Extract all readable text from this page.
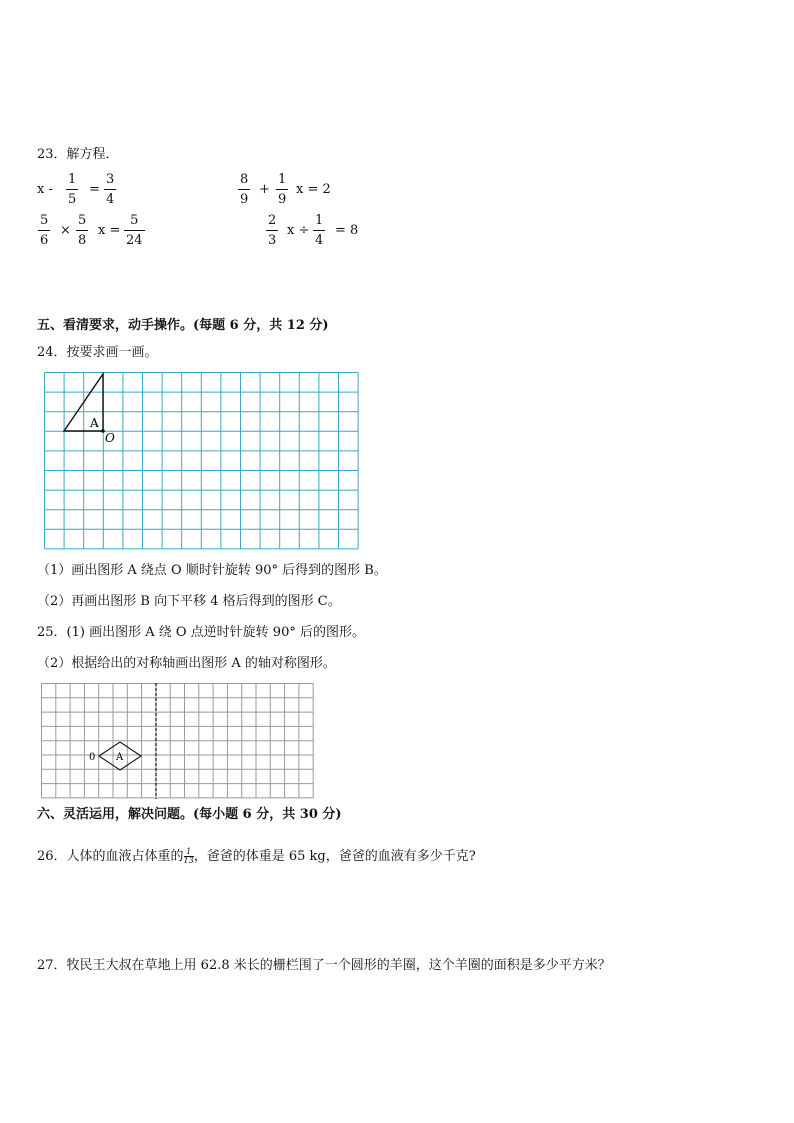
23．解方程．
x -
1
5
=
3
4
8
9
+
1
9
x = 2
5
6
×
5
8
x =
5
24
2
3
x ÷
1
4
= 8
五、看清要求，动手操作。(每题 6 分，共 12 分)
24．按要求画一画。
A
O
（1）画出图形 A 绕点 O 顺时针旋转 90° 后得到的图形 B。
（2）再画出图形 B 向下平移 4 格后得到的图形 C。
25．(1) 画出图形 A 绕 O 点逆时针旋转 90° 后的图形。
（2）根据给出的对称轴画出图形 A 的轴对称图形。
A
0
六、灵活运用，解决问题。(每小题 6 分，共 30 分)
26．人体的血液占体重的$\frac{1}{13}$，爸爸的体重是 65 kg，爸爸的血液有多少千克?
27．牧民王大叔在草地上用 62.8 米长的栅栏围了一个圆形的羊圈，这个羊圈的面积是多少平方米？
